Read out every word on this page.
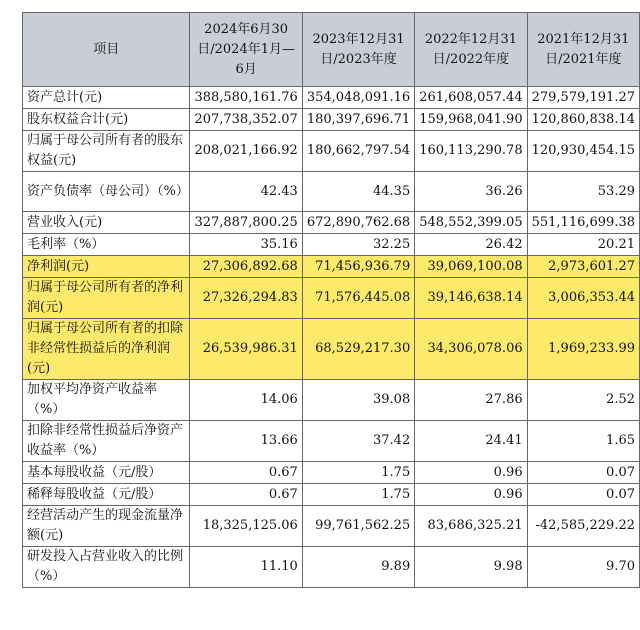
项目	2024年6月30日/2024年1月—6月	2023年12月31日/2023年度	2022年12月31日/2022年度	2021年12月31日/2021年度
资产总计(元)	388,580,161.76	354,048,091.16	261,608,057.44	279,579,191.27
股东权益合计(元)	207,738,352.07	180,397,696.71	159,968,041.90	120,860,838.14
归属于母公司所有者的股东权益(元)	208,021,166.92	180,662,797.54	160,113,290.78	120,930,454.15
资产负债率（母公司）（%）	42.43	44.35	36.26	53.29
营业收入(元)	327,887,800.25	672,890,762.68	548,552,399.05	551,116,699.38
毛利率（%）	35.16	32.25	26.42	20.21
净利润(元)	27,306,892.68	71,456,936.79	39,069,100.08	2,973,601.27
归属于母公司所有者的净利润(元)	27,326,294.83	71,576,445.08	39,146,638.14	3,006,353.44
归属于母公司所有者的扣除非经常性损益后的净利润(元)	26,539,986.31	68,529,217.30	34,306,078.06	1,969,233.99
加权平均净资产收益率（%）	14.06	39.08	27.86	2.52
扣除非经常性损益后净资产收益率（%）	13.66	37.42	24.41	1.65
基本每股收益（元/股）	0.67	1.75	0.96	0.07
稀释每股收益（元/股）	0.67	1.75	0.96	0.07
经营活动产生的现金流量净额(元)	18,325,125.06	99,761,562.25	83,686,325.21	-42,585,229.22
研发投入占营业收入的比例（%）	11.10	9.89	9.98	9.70
